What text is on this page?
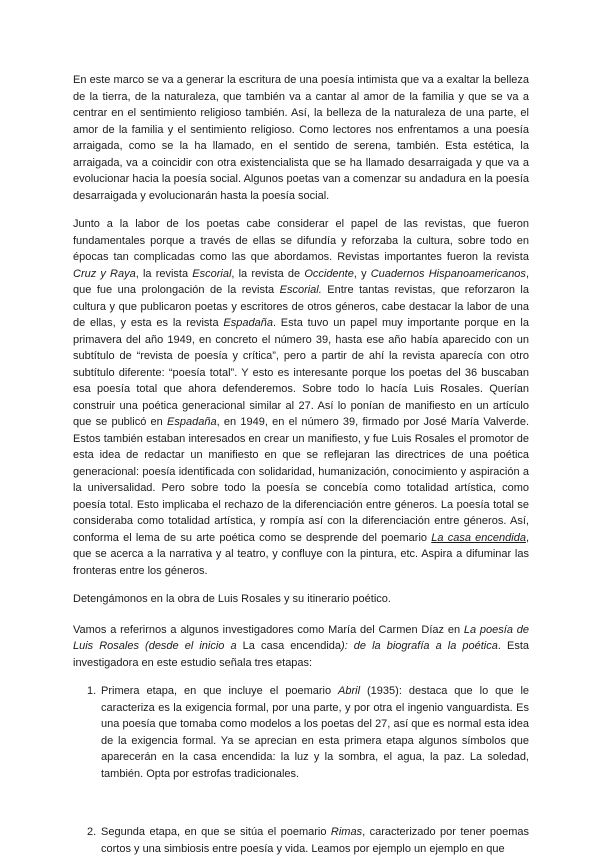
En este marco se va a generar la escritura de una poesía intimista que va a exaltar la belleza de la tierra, de la naturaleza, que también va a cantar al amor de la familia y que se va a centrar en el sentimiento religioso también. Así, la belleza de la naturaleza de una parte, el amor de la familia y el sentimiento religioso. Como lectores nos enfrentamos a una poesía arraigada, como se la ha llamado, en el sentido de serena, también. Esta estética, la arraigada, va a coincidir con otra existencialista que se ha llamado desarraigada y que va a evolucionar hacia la poesía social. Algunos poetas van a comenzar su andadura en la poesía desarraigada y evolucionarán hasta la poesía social.

Junto a la labor de los poetas cabe considerar el papel de las revistas, que fueron fundamentales porque a través de ellas se difundía y reforzaba la cultura, sobre todo en épocas tan complicadas como las que abordamos. Revistas importantes fueron la revista Cruz y Raya, la revista Escorial, la revista de Occidente, y Cuadernos Hispanoamericanos, que fue una prolongación de la revista Escorial. Entre tantas revistas, que reforzaron la cultura y que publicaron poetas y escritores de otros géneros, cabe destacar la labor de una de ellas, y esta es la revista Espadaña. Esta tuvo un papel muy importante porque en la primavera del año 1949, en concreto el número 39, hasta ese año había aparecido con un subtítulo de “revista de poesía y crítica”, pero a partir de ahí la revista aparecía con otro subtítulo diferente: “poesía total”. Y esto es interesante porque los poetas del 36 buscaban esa poesía total que ahora defenderemos. Sobre todo lo hacía Luis Rosales. Querían construir una poética generacional similar al 27. Así lo ponían de manifiesto en un artículo que se publicó en Espadaña, en 1949, en el número 39, firmado por José María Valverde. Estos también estaban interesados en crear un manifiesto, y fue Luis Rosales el promotor de esta idea de redactar un manifiesto en que se reflejaran las directrices de una poética generacional: poesía identificada con solidaridad, humanización, conocimiento y aspiración a la universalidad. Pero sobre todo la poesía se concebía como totalidad artística, como poesía total. Esto implicaba el rechazo de la diferenciación entre géneros. La poesía total se consideraba como totalidad artística, y rompía así con la diferenciación entre géneros. Así, conforma el lema de su arte poética como se desprende del poemario La casa encendida, que se acerca a la narrativa y al teatro, y confluye con la pintura, etc. Aspira a difuminar las fronteras entre los géneros.

Detengámonos en la obra de Luis Rosales y su itinerario poético.

Vamos a referirnos a algunos investigadores como María del Carmen Díaz en La poesía de Luis Rosales (desde el inicio a La casa encendida): de la biografía a la poética. Esta investigadora en este estudio señala tres etapas:

1. Primera etapa, en que incluye el poemario Abril (1935): destaca que lo que le caracteriza es la exigencia formal, por una parte, y por otra el ingenio vanguardista. Es una poesía que tomaba como modelos a los poetas del 27, así que es normal esta idea de la exigencia formal. Ya se aprecian en esta primera etapa algunos símbolos que aparecerán en la casa encendida: la luz y la sombra, el agua, la paz. La soledad, también. Opta por estrofas tradicionales.
2. Segunda etapa, en que se sitúa el poemario Rimas, caracterizado por tener poemas cortos y una simbiosis entre poesía y vida. Leamos por ejemplo un ejemplo en que
